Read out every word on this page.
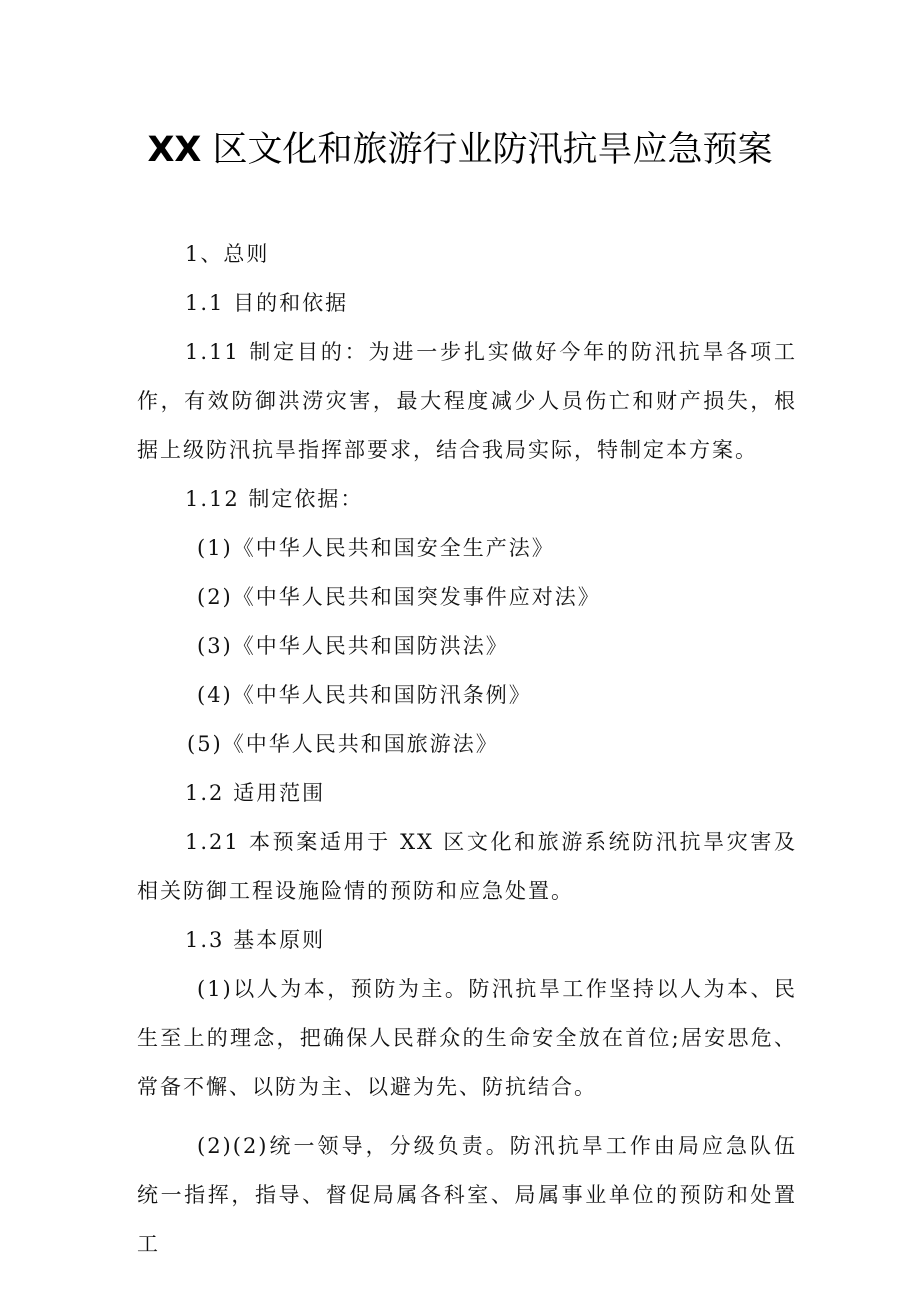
XX 区文化和旅游行业防汛抗旱应急预案

1、总则

1.1 目的和依据

1.11 制定目的：为进一步扎实做好今年的防汛抗旱各项工作，有效防御洪涝灾害，最大程度减少人员伤亡和财产损失，根据上级防汛抗旱指挥部要求，结合我局实际，特制定本方案。

1.12 制定依据：

(1)《中华人民共和国安全生产法》

(2)《中华人民共和国突发事件应对法》

(3)《中华人民共和国防洪法》

(4)《中华人民共和国防汛条例》

(5)《中华人民共和国旅游法》

1.2 适用范围

1.21 本预案适用于 XX 区文化和旅游系统防汛抗旱灾害及相关防御工程设施险情的预防和应急处置。

1.3 基本原则

(1)以人为本，预防为主。防汛抗旱工作坚持以人为本、民生至上的理念，把确保人民群众的生命安全放在首位;居安思危、常备不懈、以防为主、以避为先、防抗结合。

(2)(2)统一领导，分级负责。防汛抗旱工作由局应急队伍统一指挥，指导、督促局属各科室、局属事业单位的预防和处置工
